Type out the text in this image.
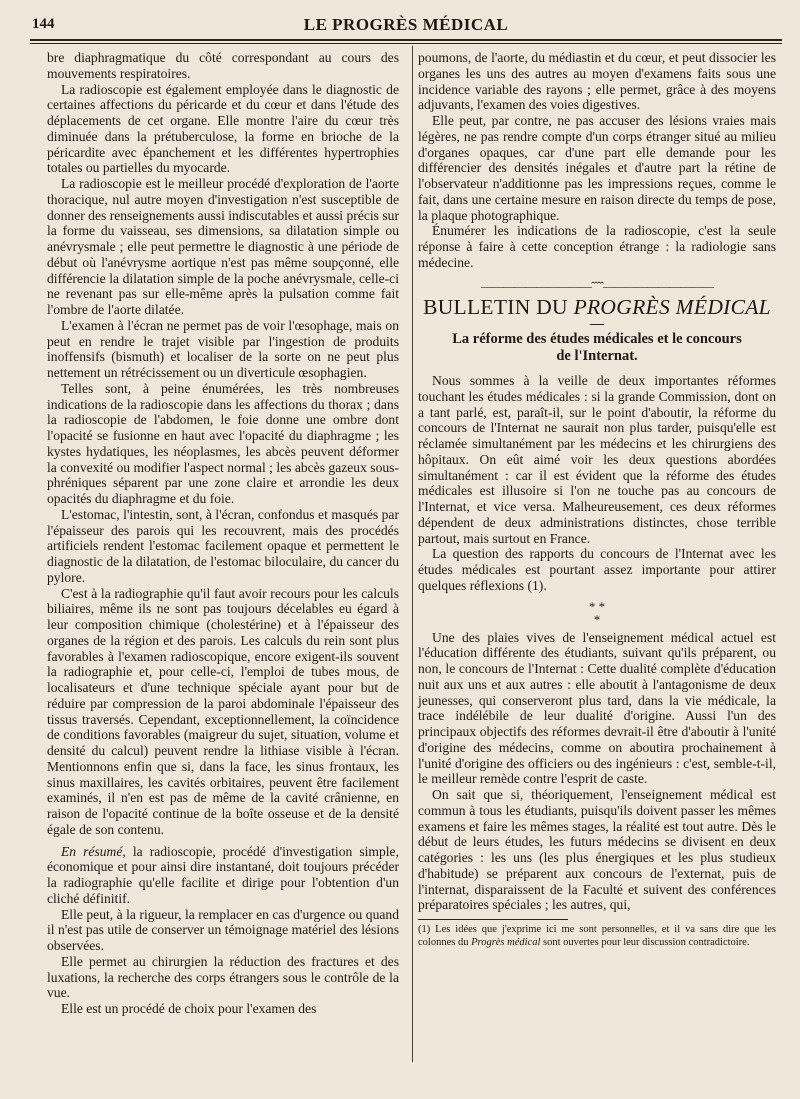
144	LE PROGRÈS MÉDICAL

bre diaphragmatique du côté correspondant au cours des mouvements respiratoires.

La radioscopie est également employée dans le diagnostic de certaines affections du péricarde et du cœur et dans l'étude des déplacements de cet organe. Elle montre l'aire du cœur très diminuée dans la prétuberculose, la forme en brioche de la péricardite avec épanchement et les différentes hypertrophies totales ou partielles du myocarde.

La radioscopie est le meilleur procédé d'exploration de l'aorte thoracique, nul autre moyen d'investigation n'est susceptible de donner des renseignements aussi indiscutables et aussi précis sur la forme du vaisseau, ses dimensions, sa dilatation simple ou anévrysmale ; elle peut permettre le diagnostic à une période de début où l'anévrysme aortique n'est pas même soupçonné, elle différencie la dilatation simple de la poche anévrysmale, celle-ci ne revenant pas sur elle-même après la pulsation comme fait l'ombre de l'aorte dilatée.

L'examen à l'écran ne permet pas de voir l'œsophage, mais on peut en rendre le trajet visible par l'ingestion de produits inoffensifs (bismuth) et localiser de la sorte on ne peut plus nettement un rétrécissement ou un diverticule œsophagien.

Telles sont, à peine énumérées, les très nombreuses indications de la radioscopie dans les affections du thorax ; dans la radioscopie de l'abdomen, le foie donne une ombre dont l'opacité se fusionne en haut avec l'opacité du diaphragme ; les kystes hydatiques, les néoplasmes, les abcès peuvent déformer la convexité ou modifier l'aspect normal ; les abcès gazeux sous-phréniques séparent par une zone claire et arrondie les deux opacités du diaphragme et du foie.

L'estomac, l'intestin, sont, à l'écran, confondus et masqués par l'épaisseur des parois qui les recouvrent, mais des procédés artificiels rendent l'estomac facilement opaque et permettent le diagnostic de la dilatation, de l'estomac biloculaire, du cancer du pylore.

C'est à la radiographie qu'il faut avoir recours pour les calculs biliaires, même ils ne sont pas toujours décelables eu égard à leur composition chimique (cholestérine) et à l'épaisseur des organes de la région et des parois. Les calculs du rein sont plus favorables à l'examen radioscopique, encore exigent-ils souvent la radiographie et, pour celle-ci, l'emploi de tubes mous, de localisateurs et d'une technique spéciale ayant pour but de réduire par compression de la paroi abdominale l'épaisseur des tissus traversés. Cependant, exceptionnellement, la coïncidence de conditions favorables (maigreur du sujet, situation, volume et densité du calcul) peuvent rendre la lithiase visible à l'écran. Mentionnons enfin que si, dans la face, les sinus frontaux, les sinus maxillaires, les cavités orbitaires, peuvent être facilement examinés, il n'en est pas de même de la cavité crânienne, en raison de l'opacité continue de la boîte osseuse et de la densité égale de son contenu.

En résumé, la radioscopie, procédé d'investigation simple, économique et pour ainsi dire instantané, doit toujours précéder la radiographie qu'elle facilite et dirige pour l'obtention d'un cliché définitif.

Elle peut, à la rigueur, la remplacer en cas d'urgence ou quand il n'est pas utile de conserver un témoignage matériel des lésions observées.

Elle permet au chirurgien la réduction des fractures et des luxations, la recherche des corps étrangers sous le contrôle de la vue.

Elle est un procédé de choix pour l'examen des

poumons, de l'aorte, du médiastin et du cœur, et peut dissocier les organes les uns des autres au moyen d'examens faits sous une incidence variable des rayons ; elle permet, grâce à des moyens adjuvants, l'examen des voies digestives.

Elle peut, par contre, ne pas accuser des lésions vraies mais légères, ne pas rendre compte d'un corps étranger situé au milieu d'organes opaques, car d'une part elle demande pour les différencier des densités inégales et d'autre part la rétine de l'observateur n'additionne pas les impressions reçues, comme le fait, dans une certaine mesure en raison directe du temps de pose, la plaque photographique.

Énumérer les indications de la radioscopie, c'est la seule réponse à faire à cette conception étrange : la radiologie sans médecine.

——————————ˆˆˆˆ——————————
BULLETIN DU PROGRÈS MÉDICAL
La réforme des études médicales et le concours
de l'Internat.

Nous sommes à la veille de deux importantes réformes touchant les études médicales : si la grande Commission, dont on a tant parlé, est, paraît-il, sur le point d'aboutir, la réforme du concours de l'Internat ne saurait non plus tarder, puisqu'elle est réclamée simultanément par les médecins et les chirurgiens des hôpitaux. On eût aimé voir les deux questions abordées simultanément : car il est évident que la réforme des études médicales est illusoire si l'on ne touche pas au concours de l'Internat, et vice versa. Malheureusement, ces deux réformes dépendent de deux administrations distinctes, chose terrible partout, mais surtout en France.

La question des rapports du concours de l'Internat avec les études médicales est pourtant assez importante pour attirer quelques réflexions (1).

* *
*

Une des plaies vives de l'enseignement médical actuel est l'éducation différente des étudiants, suivant qu'ils préparent, ou non, le concours de l'Internat : Cette dualité complète d'éducation nuit aux uns et aux autres : elle aboutit à l'antagonisme de deux jeunesses, qui conserveront plus tard, dans la vie médicale, la trace indélébile de leur dualité d'origine. Aussi l'un des principaux objectifs des réformes devrait-il être d'aboutir à l'unité d'origine des médecins, comme on aboutira prochainement à l'unité d'origine des officiers ou des ingénieurs : c'est, semble-t-il, le meilleur remède contre l'esprit de caste.

On sait que si, théoriquement, l'enseignement médical est commun à tous les étudiants, puisqu'ils doivent passer les mêmes examens et faire les mêmes stages, la réalité est tout autre. Dès le début de leurs études, les futurs médecins se divisent en deux catégories : les uns (les plus énergiques et les plus studieux d'habitude) se préparent aux concours de l'externat, puis de l'internat, disparaissent de la Faculté et suivent des conférences préparatoires spéciales ; les autres, qui,

(1) Les idées que j'exprime ici me sont personnelles, et il va sans dire que les colonnes du Progrès médical sont ouvertes pour leur discussion contradictoire.
